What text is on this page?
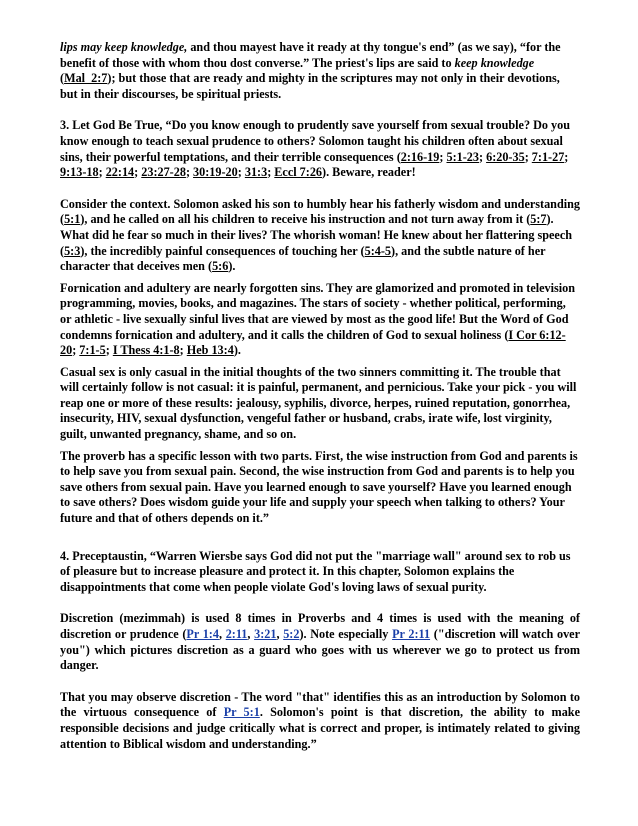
lips may keep knowledge, and thou mayest have it ready at thy tongue's end” (as we say), “for the benefit of those with whom thou dost converse.” The priest's lips are said to keep knowledge (Mal_2:7); but those that are ready and mighty in the scriptures may not only in their devotions, but in their discourses, be spiritual priests.

3. Let God Be True, “Do you know enough to prudently save yourself from sexual trouble? Do you know enough to teach sexual prudence to others? Solomon taught his children often about sexual sins, their powerful temptations, and their terrible consequences (2:16-19; 5:1-23; 6:20-35; 7:1-27; 9:13-18; 22:14; 23:27-28; 30:19-20; 31:3; Eccl 7:26). Beware, reader!

Consider the context. Solomon asked his son to humbly hear his fatherly wisdom and understanding (5:1), and he called on all his children to receive his instruction and not turn away from it (5:7). What did he fear so much in their lives? The whorish woman! He knew about her flattering speech (5:3), the incredibly painful consequences of touching her (5:4-5), and the subtle nature of her character that deceives men (5:6).

Fornication and adultery are nearly forgotten sins. They are glamorized and promoted in television programming, movies, books, and magazines. The stars of society - whether political, performing, or athletic - live sexually sinful lives that are viewed by most as the good life! But the Word of God condemns fornication and adultery, and it calls the children of God to sexual holiness (I Cor 6:12-20; 7:1-5; I Thess 4:1-8; Heb 13:4).

Casual sex is only casual in the initial thoughts of the two sinners committing it. The trouble that will certainly follow is not casual: it is painful, permanent, and pernicious. Take your pick - you will reap one or more of these results: jealousy, syphilis, divorce, herpes, ruined reputation, gonorrhea, insecurity, HIV, sexual dysfunction, vengeful father or husband, crabs, irate wife, lost virginity, guilt, unwanted pregnancy, shame, and so on.

The proverb has a specific lesson with two parts. First, the wise instruction from God and parents is to help save you from sexual pain. Second, the wise instruction from God and parents is to help you save others from sexual pain. Have you learned enough to save yourself? Have you learned enough to save others? Does wisdom guide your life and supply your speech when talking to others? Your future and that of others depends on it.”

4. Preceptaustin, “Warren Wiersbe says God did not put the "marriage wall" around sex to rob us of pleasure but to increase pleasure and protect it. In this chapter, Solomon explains the disappointments that come when people violate God's loving laws of sexual purity.

Discretion (mezimmah) is used 8 times in Proverbs and 4 times is used with the meaning of discretion or prudence (Pr 1:4, 2:11, 3:21, 5:2). Note especially Pr 2:11 ("discretion will watch over you") which pictures discretion as a guard who goes with us wherever we go to protect us from danger.

That you may observe discretion - The word "that" identifies this as an introduction by Solomon to the virtuous consequence of Pr 5:1. Solomon's point is that discretion, the ability to make responsible decisions and judge critically what is correct and proper, is intimately related to giving attention to Biblical wisdom and understanding.”
